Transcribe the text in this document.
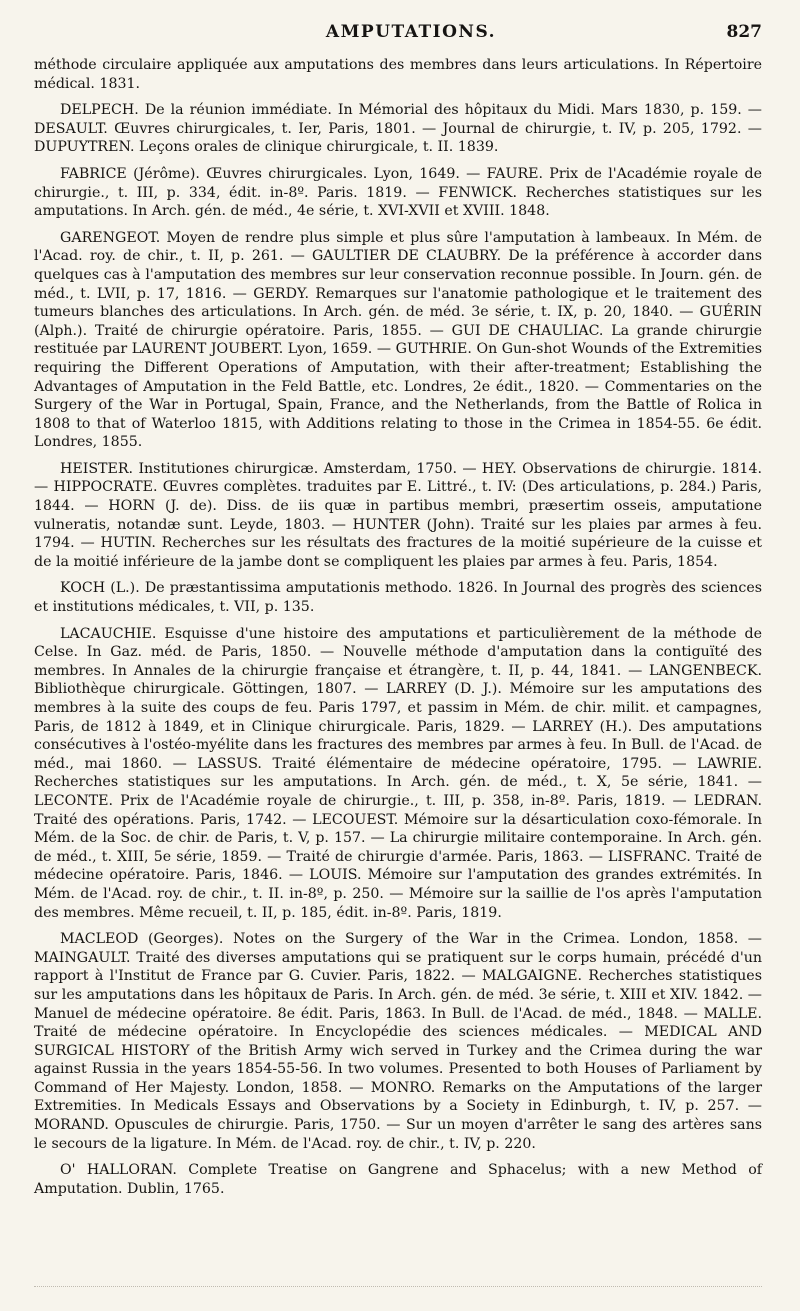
AMPUTATIONS.	827

méthode circulaire appliquée aux amputations des membres dans leurs articulations. In Répertoire médical. 1831.

DELPECH. De la réunion immédiate. In Mémorial des hôpitaux du Midi. Mars 1830, p. 159. — DESAULT. Œuvres chirurgicales, t. Ier, Paris, 1801. — Journal de chirurgie, t. IV, p. 205, 1792. — DUPUYTREN. Leçons orales de clinique chirurgicale, t. II. 1839.

FABRICE (Jérôme). Œuvres chirurgicales. Lyon, 1649. — FAURE. Prix de l'Académie royale de chirurgie., t. III, p. 334, édit. in-8º. Paris. 1819. — FENWICK. Recherches statistiques sur les amputations. In Arch. gén. de méd., 4e série, t. XVI-XVII et XVIII. 1848.

GARENGEOT. Moyen de rendre plus simple et plus sûre l'amputation à lambeaux. In Mém. de l'Acad. roy. de chir., t. II, p. 261. — GAULTIER DE CLAUBRY. De la préférence à accorder dans quelques cas à l'amputation des membres sur leur conservation reconnue possible. In Journ. gén. de méd., t. LVII, p. 17, 1816. — GERDY. Remarques sur l'anatomie pathologique et le traitement des tumeurs blanches des articulations. In Arch. gén. de méd. 3e série, t. IX, p. 20, 1840. — GUÉRIN (Alph.). Traité de chirurgie opératoire. Paris, 1855. — GUI DE CHAULIAC. La grande chirurgie restituée par LAURENT JOUBERT. Lyon, 1659. — GUTHRIE. On Gun-shot Wounds of the Extremities requiring the Different Operations of Amputation, with their after-treatment; Establishing the Advantages of Amputation in the Feld Battle, etc. Londres, 2e édit., 1820. — Commentaries on the Surgery of the War in Portugal, Spain, France, and the Netherlands, from the Battle of Rolica in 1808 to that of Waterloo 1815, with Additions relating to those in the Crimea in 1854-55. 6e édit. Londres, 1855.

HEISTER. Institutiones chirurgicæ. Amsterdam, 1750. — HEY. Observations de chirurgie. 1814. — HIPPOCRATE. Œuvres complètes. traduites par E. Littré., t. IV: (Des articulations, p. 284.) Paris, 1844. — HORN (J. de). Diss. de iis quæ in partibus membri, præsertim osseis, amputatione vulneratis, notandæ sunt. Leyde, 1803. — HUNTER (John). Traité sur les plaies par armes à feu. 1794. — HUTIN. Recherches sur les résultats des fractures de la moitié supérieure de la cuisse et de la moitié inférieure de la jambe dont se compliquent les plaies par armes à feu. Paris, 1854.

KOCH (L.). De præstantissima amputationis methodo. 1826. In Journal des progrès des sciences et institutions médicales, t. VII, p. 135.

LACAUCHIE. Esquisse d'une histoire des amputations et particulièrement de la méthode de Celse. In Gaz. méd. de Paris, 1850. — Nouvelle méthode d'amputation dans la contiguïté des membres. In Annales de la chirurgie française et étrangère, t. II, p. 44, 1841. — LANGENBECK. Bibliothèque chirurgicale. Göttingen, 1807. — LARREY (D. J.). Mémoire sur les amputations des membres à la suite des coups de feu. Paris 1797, et passim in Mém. de chir. milit. et campagnes, Paris, de 1812 à 1849, et in Clinique chirurgicale. Paris, 1829. — LARREY (H.). Des amputations consécutives à l'ostéo-myélite dans les fractures des membres par armes à feu. In Bull. de l'Acad. de méd., mai 1860. — LASSUS. Traité élémentaire de médecine opératoire, 1795. — LAWRIE. Recherches statistiques sur les amputations. In Arch. gén. de méd., t. X, 5e série, 1841. — LECONTE. Prix de l'Académie royale de chirurgie., t. III, p. 358, in-8º. Paris, 1819. — LEDRAN. Traité des opérations. Paris, 1742. — LECOUEST. Mémoire sur la désarticulation coxo-fémorale. In Mém. de la Soc. de chir. de Paris, t. V, p. 157. — La chirurgie militaire contemporaine. In Arch. gén. de méd., t. XIII, 5e série, 1859. — Traité de chirurgie d'armée. Paris, 1863. — LISFRANC. Traité de médecine opératoire. Paris, 1846. — LOUIS. Mémoire sur l'amputation des grandes extrémités. In Mém. de l'Acad. roy. de chir., t. II. in-8º, p. 250. — Mémoire sur la saillie de l'os après l'amputation des membres. Même recueil, t. II, p. 185, édit. in-8º. Paris, 1819.

MACLEOD (Georges). Notes on the Surgery of the War in the Crimea. London, 1858. — MAINGAULT. Traité des diverses amputations qui se pratiquent sur le corps humain, précédé d'un rapport à l'Institut de France par G. Cuvier. Paris, 1822. — MALGAIGNE. Recherches statistiques sur les amputations dans les hôpitaux de Paris. In Arch. gén. de méd. 3e série, t. XIII et XIV. 1842. — Manuel de médecine opératoire. 8e édit. Paris, 1863. In Bull. de l'Acad. de méd., 1848. — MALLE. Traité de médecine opératoire. In Encyclopédie des sciences médicales. — MEDICAL AND SURGICAL HISTORY of the British Army wich served in Turkey and the Crimea during the war against Russia in the years 1854-55-56. In two volumes. Presented to both Houses of Parliament by Command of Her Majesty. London, 1858. — MONRO. Remarks on the Amputations of the larger Extremities. In Medicals Essays and Observations by a Society in Edinburgh, t. IV, p. 257. — MORAND. Opuscules de chirurgie. Paris, 1750. — Sur un moyen d'arrêter le sang des artères sans le secours de la ligature. In Mém. de l'Acad. roy. de chir., t. IV, p. 220.

O' HALLORAN. Complete Treatise on Gangrene and Sphacelus; with a new Method of Amputation. Dublin, 1765.
